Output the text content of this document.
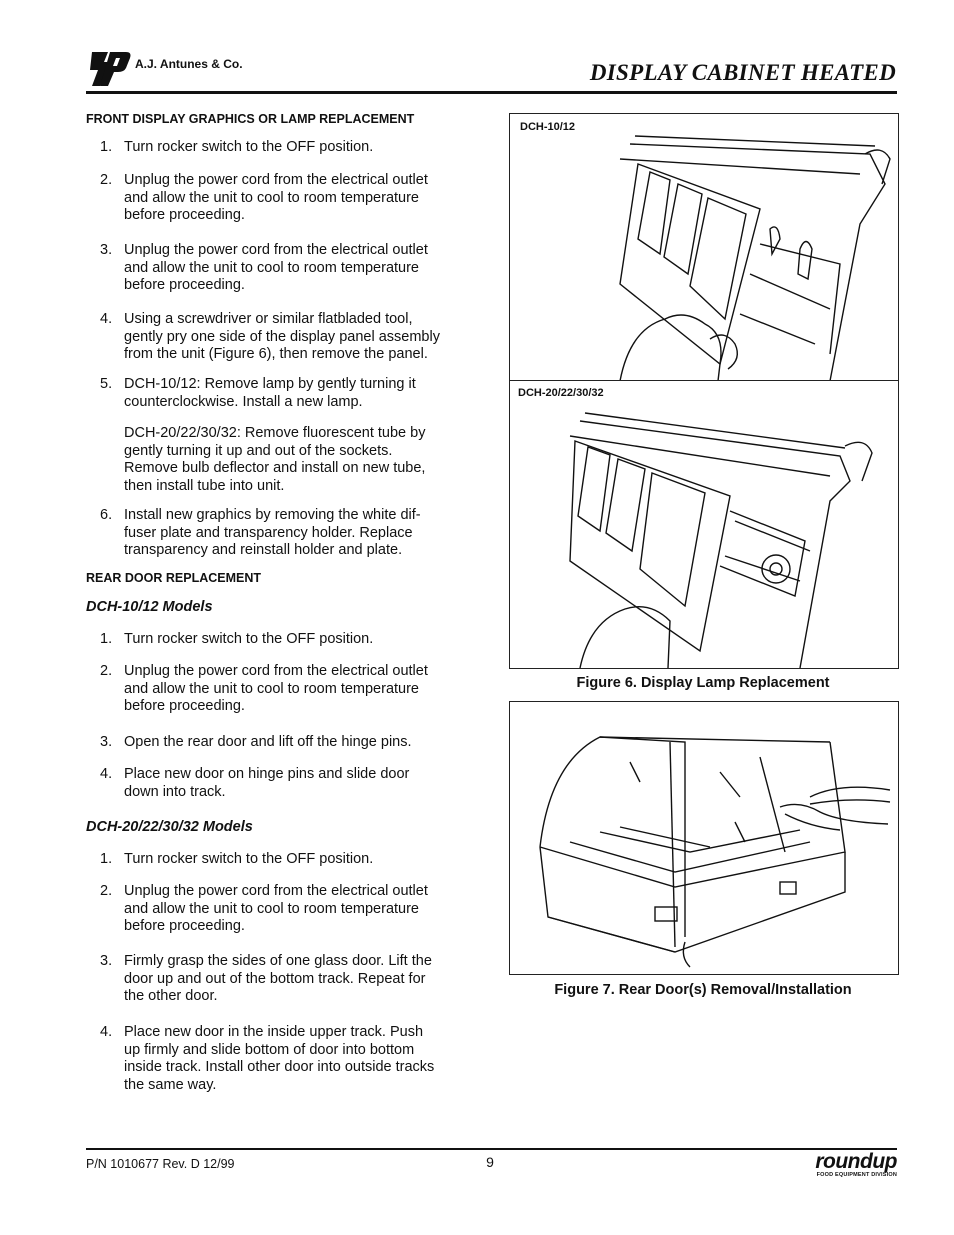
A.J. Antunes & Co.	DISPLAY CABINET HEATED
FRONT DISPLAY GRAPHICS OR LAMP REPLACEMENT
1. Turn rocker switch to the OFF position.
2. Unplug the power cord from the electrical outlet
and allow the unit to cool to room temperature
before proceeding.
3. Unplug the power cord from the electrical outlet
and allow the unit to cool to room temperature
before proceeding.
4. Using a screwdriver or similar flatbladed tool,
gently pry one side of the display panel assembly
from the unit (Figure 6), then remove the panel.
5. DCH-10/12: Remove lamp by gently turning it
counterclockwise. Install a new lamp.
DCH-20/22/30/32: Remove fluorescent tube by
gently turning it up and out of the sockets.
Remove bulb deflector and install on new tube,
then install tube into unit.
6. Install new graphics by removing the white dif-
fuser plate and transparency holder. Replace
transparency and reinstall holder and plate.
REAR DOOR REPLACEMENT
DCH-10/12 Models
1. Turn rocker switch to the OFF position.
2. Unplug the power cord from the electrical outlet
and allow the unit to cool to room temperature
before proceeding.
3. Open the rear door and lift off the hinge pins.
4. Place new door on hinge pins and slide door
down into track.
DCH-20/22/30/32 Models
1. Turn rocker switch to the OFF position.
2. Unplug the power cord from the electrical outlet
and allow the unit to cool to room temperature
before proceeding.
3. Firmly grasp the sides of one glass door. Lift the
door up and out of the bottom track. Repeat for
the other door.
4. Place new door in the inside upper track. Push
up firmly and slide bottom of door into bottom
inside track. Install other door into outside tracks
the same way.
DCH-10/12
DCH-20/22/30/32
Figure 6. Display Lamp Replacement
Figure 7. Rear Door(s) Removal/Installation
P/N 1010677 Rev. D 12/99	9	roundup
FOOD EQUIPMENT DIVISION
